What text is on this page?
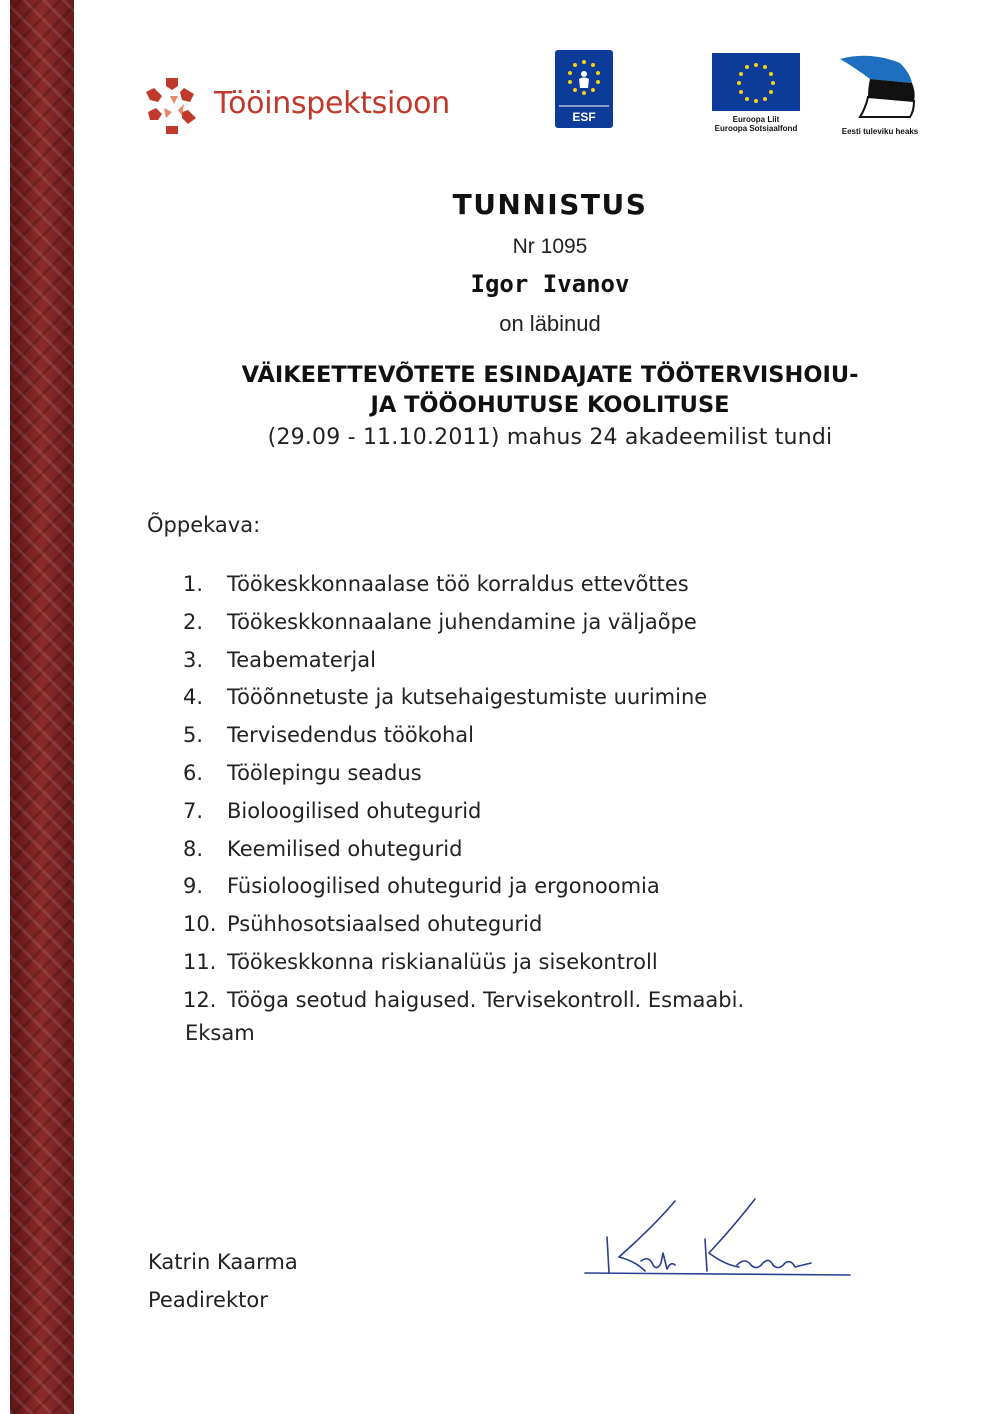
Tööinspektsioon	ESF	Euroopa Liit
Euroopa Sotsiaalfond	Eesti tuleviku heaks
TUNNISTUS
Nr 1095
Igor Ivanov
on läbinud
VÄIKEETTEVÕTETE ESINDAJATE TÖÖTERVISHOIU-
JA TÖÖOHUTUSE KOOLITUSE
(29.09 - 11.10.2011) mahus 24 akadeemilist tundi
Õppekava:
1. Töökeskkonnaalase töö korraldus ettevõttes
2. Töökeskkonnaalane juhendamine ja väljaõpe
3. Teabematerjal
4. Tööõnnetuste ja kutsehaigestumiste uurimine
5. Tervisedendus töökohal
6. Töölepingu seadus
7. Bioloogilised ohutegurid
8. Keemilised ohutegurid
9. Füsioloogilised ohutegurid ja ergonoomia
10. Psühhosotsiaalsed ohutegurid
11. Töökeskkonna riskianalüüs ja sisekontroll
12. Tööga seotud haigused. Tervisekontroll. Esmaabi.
Eksam
Katrin Kaarma
Peadirektor
